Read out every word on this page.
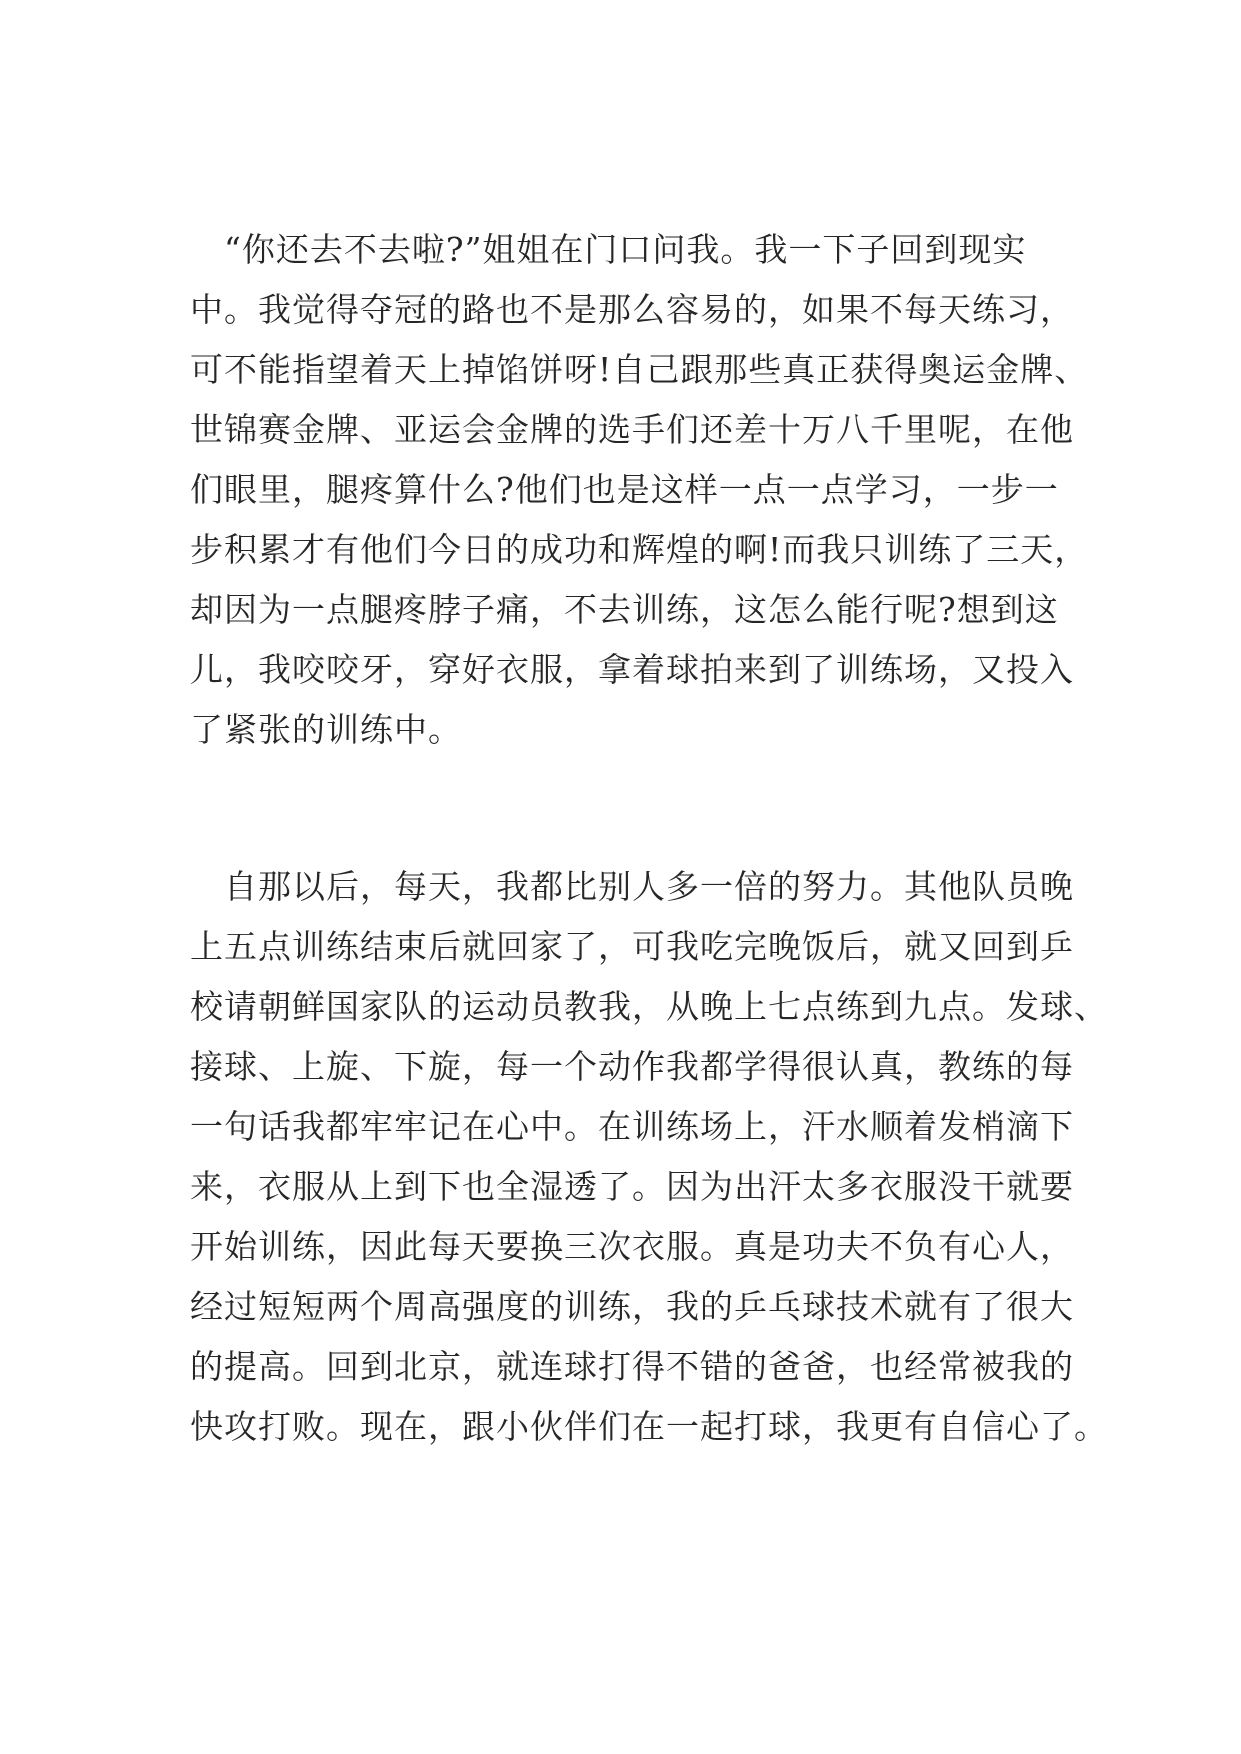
　“你还去不去啦?”姐姐在门口问我。我一下子回到现实
中。我觉得夺冠的路也不是那么容易的，如果不每天练习，
可不能指望着天上掉馅饼呀!自己跟那些真正获得奥运金牌、
世锦赛金牌、亚运会金牌的选手们还差十万八千里呢，在他
们眼里，腿疼算什么?他们也是这样一点一点学习，一步一
步积累才有他们今日的成功和辉煌的啊!而我只训练了三天，
却因为一点腿疼脖子痛，不去训练，这怎么能行呢?想到这
儿，我咬咬牙，穿好衣服，拿着球拍来到了训练场，又投入
了紧张的训练中。
　自那以后，每天，我都比别人多一倍的努力。其他队员晚
上五点训练结束后就回家了，可我吃完晚饭后，就又回到乒
校请朝鲜国家队的运动员教我，从晚上七点练到九点。发球、
接球、上旋、下旋，每一个动作我都学得很认真，教练的每
一句话我都牢牢记在心中。在训练场上，汗水顺着发梢滴下
来，衣服从上到下也全湿透了。因为出汗太多衣服没干就要
开始训练，因此每天要换三次衣服。真是功夫不负有心人，
经过短短两个周高强度的训练，我的乒乓球技术就有了很大
的提高。回到北京，就连球打得不错的爸爸，也经常被我的
快攻打败。现在，跟小伙伴们在一起打球，我更有自信心了。
